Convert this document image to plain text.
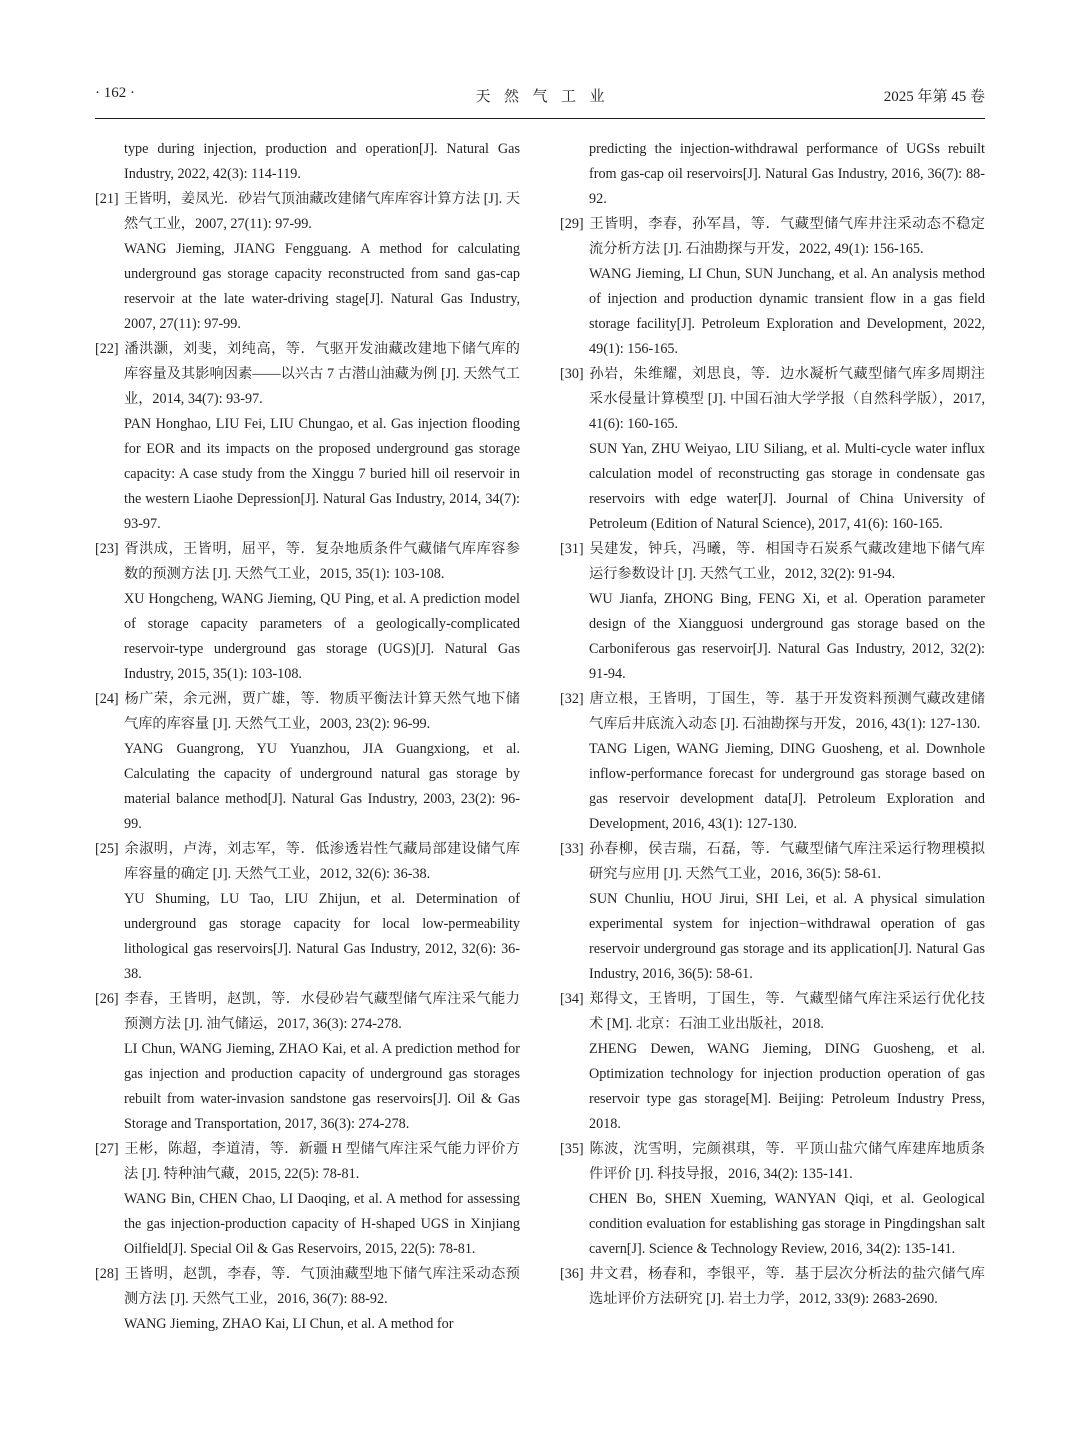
· 162 ·	天然气工业	2025 年第 45 卷
type during injection, production and operation[J]. Natural Gas Industry, 2022, 42(3): 114-119.
[21] 王皆明，姜凤光．砂岩气顶油藏改建储气库库容计算方法 [J]. 天然气工业，2007, 27(11): 97-99.
WANG Jieming, JIANG Fengguang. A method for calculating underground gas storage capacity reconstructed from sand gas-cap reservoir at the late water-driving stage[J]. Natural Gas Industry, 2007, 27(11): 97-99.
[22] 潘洪灏，刘斐，刘纯高，等．气驱开发油藏改建地下储气库的库容量及其影响因素——以兴古 7 古潜山油藏为例 [J]. 天然气工业，2014, 34(7): 93-97.
PAN Honghao, LIU Fei, LIU Chungao, et al. Gas injection flooding for EOR and its impacts on the proposed underground gas storage capacity: A case study from the Xinggu 7 buried hill oil reservoir in the western Liaohe Depression[J]. Natural Gas Industry, 2014, 34(7): 93-97.
[23] 胥洪成，王皆明，屈平，等．复杂地质条件气藏储气库库容参数的预测方法 [J]. 天然气工业，2015, 35(1): 103-108.
XU Hongcheng, WANG Jieming, QU Ping, et al. A prediction model of storage capacity parameters of a geologically-complicated reservoir-type underground gas storage (UGS)[J]. Natural Gas Industry, 2015, 35(1): 103-108.
[24] 杨广荣，余元洲，贾广雄，等．物质平衡法计算天然气地下储气库的库容量 [J]. 天然气工业，2003, 23(2): 96-99.
YANG Guangrong, YU Yuanzhou, JIA Guangxiong, et al. Calculating the capacity of underground natural gas storage by material balance method[J]. Natural Gas Industry, 2003, 23(2): 96-99.
[25] 余淑明，卢涛，刘志军，等．低渗透岩性气藏局部建设储气库库容量的确定 [J]. 天然气工业，2012, 32(6): 36-38.
YU Shuming, LU Tao, LIU Zhijun, et al. Determination of underground gas storage capacity for local low-permeability lithological gas reservoirs[J]. Natural Gas Industry, 2012, 32(6): 36-38.
[26] 李春，王皆明，赵凯，等．水侵砂岩气藏型储气库注采气能力预测方法 [J]. 油气储运，2017, 36(3): 274-278.
LI Chun, WANG Jieming, ZHAO Kai, et al. A prediction method for gas injection and production capacity of underground gas storages rebuilt from water-invasion sandstone gas reservoirs[J]. Oil & Gas Storage and Transportation, 2017, 36(3): 274-278.
[27] 王彬，陈超，李道清，等．新疆 H 型储气库注采气能力评价方法 [J]. 特种油气藏，2015, 22(5): 78-81.
WANG Bin, CHEN Chao, LI Daoqing, et al. A method for assessing the gas injection-production capacity of H-shaped UGS in Xinjiang Oilfield[J]. Special Oil & Gas Reservoirs, 2015, 22(5): 78-81.
[28] 王皆明，赵凯，李春，等．气顶油藏型地下储气库注采动态预测方法 [J]. 天然气工业，2016, 36(7): 88-92.
WANG Jieming, ZHAO Kai, LI Chun, et al. A method for
predicting the injection-withdrawal performance of UGSs rebuilt from gas-cap oil reservoirs[J]. Natural Gas Industry, 2016, 36(7): 88-92.
[29] 王皆明，李春，孙军昌，等．气藏型储气库井注采动态不稳定流分析方法 [J]. 石油勘探与开发，2022, 49(1): 156-165.
WANG Jieming, LI Chun, SUN Junchang, et al. An analysis method of injection and production dynamic transient flow in a gas field storage facility[J]. Petroleum Exploration and Development, 2022, 49(1): 156-165.
[30] 孙岩，朱维耀，刘思良，等．边水凝析气藏型储气库多周期注采水侵量计算模型 [J]. 中国石油大学学报（自然科学版），2017, 41(6): 160-165.
SUN Yan, ZHU Weiyao, LIU Siliang, et al. Multi-cycle water influx calculation model of reconstructing gas storage in condensate gas reservoirs with edge water[J]. Journal of China University of Petroleum (Edition of Natural Science), 2017, 41(6): 160-165.
[31] 吴建发，钟兵，冯曦，等．相国寺石炭系气藏改建地下储气库运行参数设计 [J]. 天然气工业，2012, 32(2): 91-94.
WU Jianfa, ZHONG Bing, FENG Xi, et al. Operation parameter design of the Xiangguosi underground gas storage based on the Carboniferous gas reservoir[J]. Natural Gas Industry, 2012, 32(2): 91-94.
[32] 唐立根，王皆明，丁国生，等．基于开发资料预测气藏改建储气库后井底流入动态 [J]. 石油勘探与开发，2016, 43(1): 127-130.
TANG Ligen, WANG Jieming, DING Guosheng, et al. Downhole inflow-performance forecast for underground gas storage based on gas reservoir development data[J]. Petroleum Exploration and Development, 2016, 43(1): 127-130.
[33] 孙春柳，侯吉瑞，石磊，等．气藏型储气库注采运行物理模拟研究与应用 [J]. 天然气工业，2016, 36(5): 58-61.
SUN Chunliu, HOU Jirui, SHI Lei, et al. A physical simulation experimental system for injection−withdrawal operation of gas reservoir underground gas storage and its application[J]. Natural Gas Industry, 2016, 36(5): 58-61.
[34] 郑得文，王皆明，丁国生，等．气藏型储气库注采运行优化技术 [M]. 北京：石油工业出版社，2018.
ZHENG Dewen, WANG Jieming, DING Guosheng, et al. Optimization technology for injection production operation of gas reservoir type gas storage[M]. Beijing: Petroleum Industry Press, 2018.
[35] 陈波，沈雪明，完颜祺琪，等．平顶山盐穴储气库建库地质条件评价 [J]. 科技导报，2016, 34(2): 135-141.
CHEN Bo, SHEN Xueming, WANYAN Qiqi, et al. Geological condition evaluation for establishing gas storage in Pingdingshan salt cavern[J]. Science & Technology Review, 2016, 34(2): 135-141.
[36] 井文君，杨春和，李银平，等．基于层次分析法的盐穴储气库选址评价方法研究 [J]. 岩土力学，2012, 33(9): 2683-2690.
